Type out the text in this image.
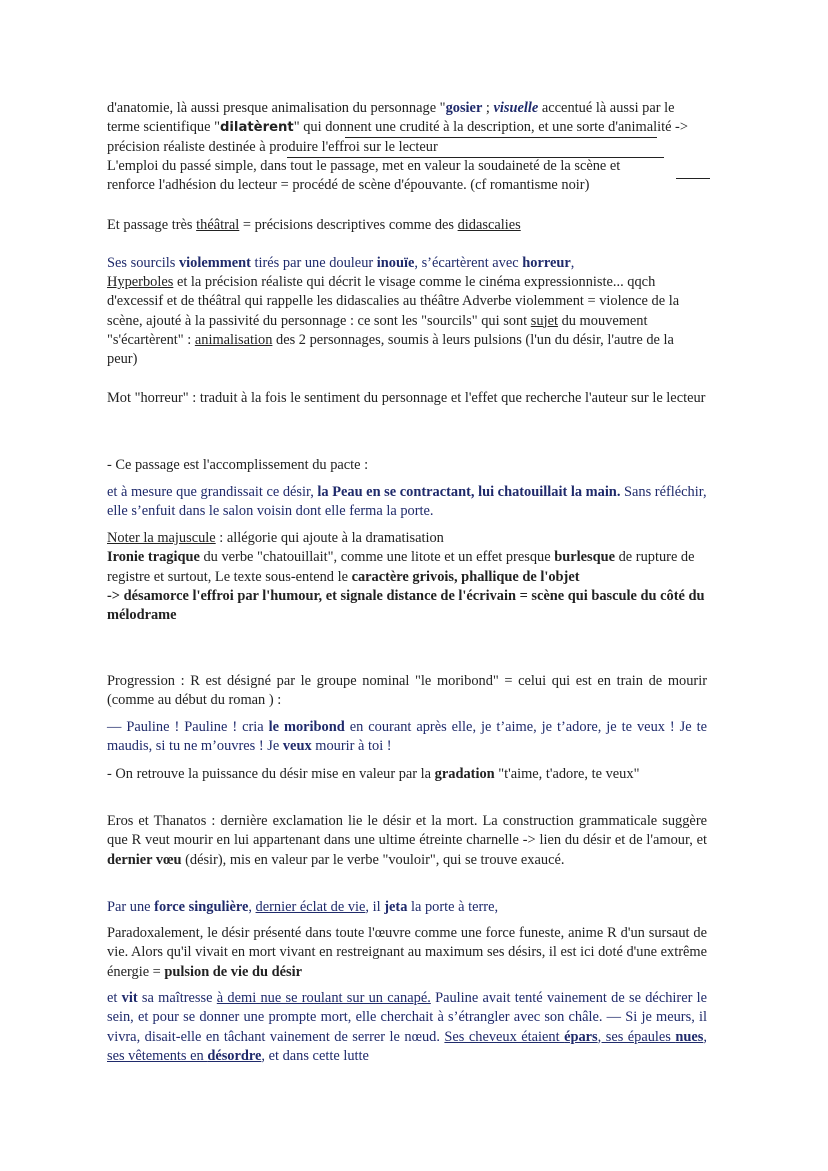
d'anatomie, là aussi presque animalisation du personnage "gosier ; visuelle accentué là aussi par le terme scientifique "dilatèrent" qui donnent une crudité à la description, et une sorte d'animalité -> précision réaliste destinée à produire l'effroi sur le lecteur
L'emploi du passé simple, dans tout le passage, met en valeur la soudaineté de la scène et
renforce l'adhésion du lecteur = procédé de scène d'épouvante. (cf romantisme noir)

Et passage très théâtral = précisions descriptives comme des didascalies

Ses sourcils violemment tirés par une douleur inouïe, s’écartèrent avec horreur,

Hyperboles et la précision réaliste qui décrit le visage comme le cinéma expressionniste... qqch d'excessif et de théâtral qui rappelle les didascalies au théâtre Adverbe violemment = violence de la scène, ajouté à la passivité du personnage : ce sont les "sourcils" qui sont sujet du mouvement "s'écartèrent" : animalisation des 2 personnages, soumis à leurs pulsions (l'un du désir, l'autre de la peur)

Mot "horreur" : traduit à la fois le sentiment du personnage et l'effet que recherche l'auteur sur le lecteur

- Ce passage est l'accomplissement du pacte :

et à mesure que grandissait ce désir, la Peau en se contractant, lui chatouillait la main. Sans réfléchir, elle s’enfuit dans le salon voisin dont elle ferma la porte.

Noter la majuscule : allégorie qui ajoute à la dramatisation
Ironie tragique du verbe "chatouillait", comme une litote et un effet presque burlesque de rupture de registre et surtout, Le texte sous-entend le caractère grivois, phallique de l'objet
-> désamorce l'effroi par l'humour, et signale distance de l'écrivain = scène qui bascule du côté du mélodrame

Progression : R est désigné par le groupe nominal "le moribond" = celui qui est en train de mourir (comme au début du roman ) :

— Pauline ! Pauline ! cria le moribond en courant après elle, je t’aime, je t’adore, je te veux ! Je te maudis, si tu ne m’ouvres ! Je veux mourir à toi !

- On retrouve la puissance du désir mise en valeur par la gradation "t'aime, t'adore, te veux"

Eros et Thanatos : dernière exclamation lie le désir et la mort. La construction grammaticale suggère que R veut mourir en lui appartenant dans une ultime étreinte charnelle -> lien du désir et de l'amour, et dernier vœu (désir), mis en valeur par le verbe "vouloir", qui se trouve exaucé.

Par une force singulière, dernier éclat de vie, il jeta la porte à terre,

Paradoxalement, le désir présenté dans toute l'œuvre comme une force funeste, anime R d'un sursaut de vie. Alors qu'il vivait en mort vivant en restreignant au maximum ses désirs, il est ici doté d'une extrême énergie = pulsion de vie du désir

et vit sa maîtresse à demi nue se roulant sur un canapé. Pauline avait tenté vainement de se déchirer le sein, et pour se donner une prompte mort, elle cherchait à s’étrangler avec son châle. — Si je meurs, il vivra, disait-elle en tâchant vainement de serrer le nœud. Ses cheveux étaient épars, ses épaules nues, ses vêtements en désordre, et dans cette lutte
